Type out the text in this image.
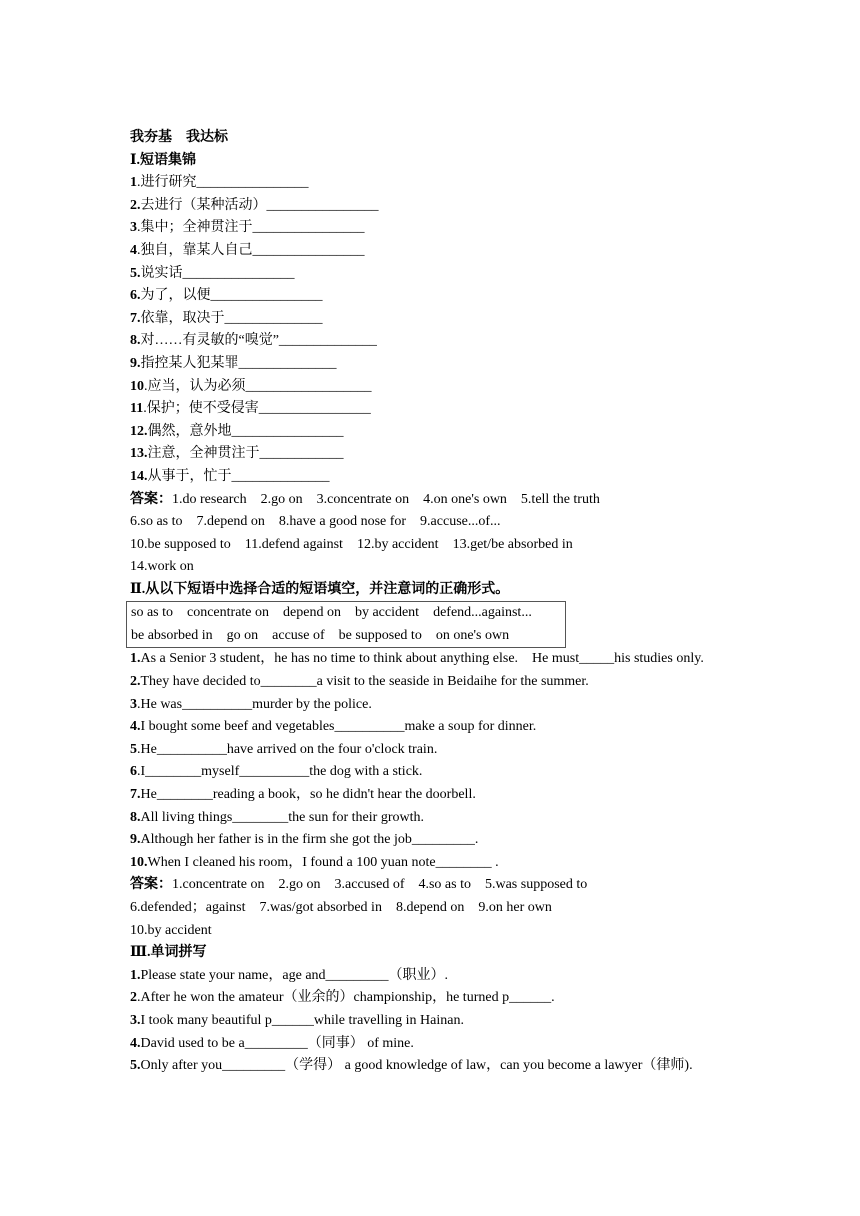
我夯基　我达标
Ⅰ.短语集锦
1.进行研究________________
2.去进行（某种活动）________________
3.集中；全神贯注于________________
4.独自，靠某人自己________________
5.说实话________________
6.为了，以便________________
7.依靠，取决于______________
8.对……有灵敏的“嗅觉”______________
9.指控某人犯某罪______________
10.应当，认为必须__________________
11.保护；使不受侵害________________
12.偶然，意外地________________
13.注意，全神贯注于____________
14.从事于，忙于______________
答案：1.do research　2.go on　3.concentrate on　4.on one's own　5.tell the truth
6.so as to　7.depend on　8.have a good nose for　9.accuse...of...
10.be supposed to　11.defend against　12.by accident　13.get/be absorbed in
14.work on
Ⅱ.从以下短语中选择合适的短语填空，并注意词的正确形式。
so as to　concentrate on　depend on　by accident　defend...against...
be absorbed in　go on　accuse of　be supposed to　on one's own
1.As a Senior 3 student，he has no time to think about anything else.　He must_____his studies only.
2.They have decided to________a visit to the seaside in Beidaihe for the summer.
3.He was__________murder by the police.
4.I bought some beef and vegetables__________make a soup for dinner.
5.He__________have arrived on the four o'clock train.
6.I________myself__________the dog with a stick.
7.He________reading a book，so he didn't hear the doorbell.
8.All living things________the sun for their growth.
9.Although her father is in the firm she got the job_________.
10.When I cleaned his room，I found a 100 yuan note________ .
答案：1.concentrate on　2.go on　3.accused of　4.so as to　5.was supposed to
6.defended；against　7.was/got absorbed in　8.depend on　9.on her own
10.by accident
Ⅲ.单词拼写
1.Please state your name，age and_________（职业）.
2.After he won the amateur（业余的）championship，he turned p______.
3.I took many beautiful p______while travelling in Hainan.
4.David used to be a_________（同事） of mine.
5.Only after you_________（学得） a good knowledge of law，can you become a lawyer（律师).
